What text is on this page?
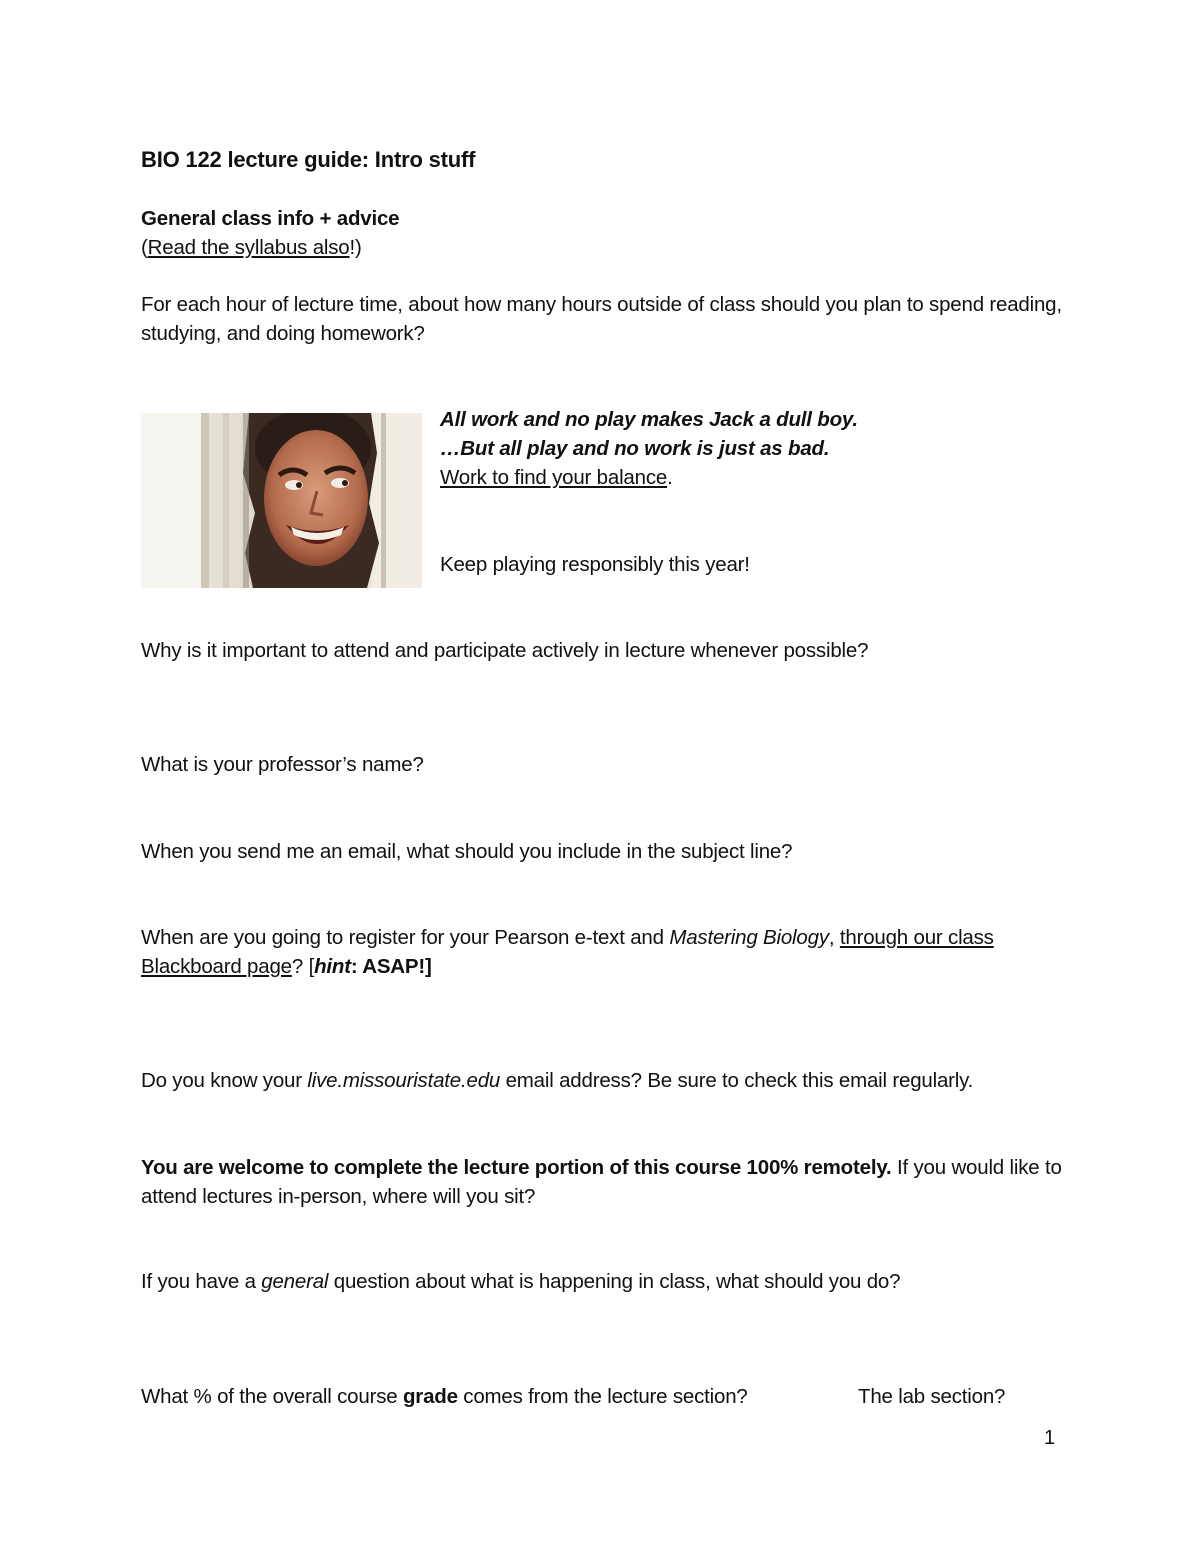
BIO 122 lecture guide: Intro stuff
General class info + advice
(Read the syllabus also!)
For each hour of lecture time, about how many hours outside of class should you plan to spend reading, studying, and doing homework?
All work and no play makes Jack a dull boy.
…But all play and no work is just as bad.
Work to find your balance.
Keep playing responsibly this year!
Why is it important to attend and participate actively in lecture whenever possible?
What is your professor’s name?
When you send me an email, what should you include in the subject line?
When are you going to register for your Pearson e-text and Mastering Biology, through our class Blackboard page? [hint: ASAP!]
Do you know your live.missouristate.edu email address? Be sure to check this email regularly.
You are welcome to complete the lecture portion of this course 100% remotely. If you would like to attend lectures in-person, where will you sit?
If you have a general question about what is happening in class, what should you do?
What % of the overall course grade comes from the lecture section?	The lab section?
1
